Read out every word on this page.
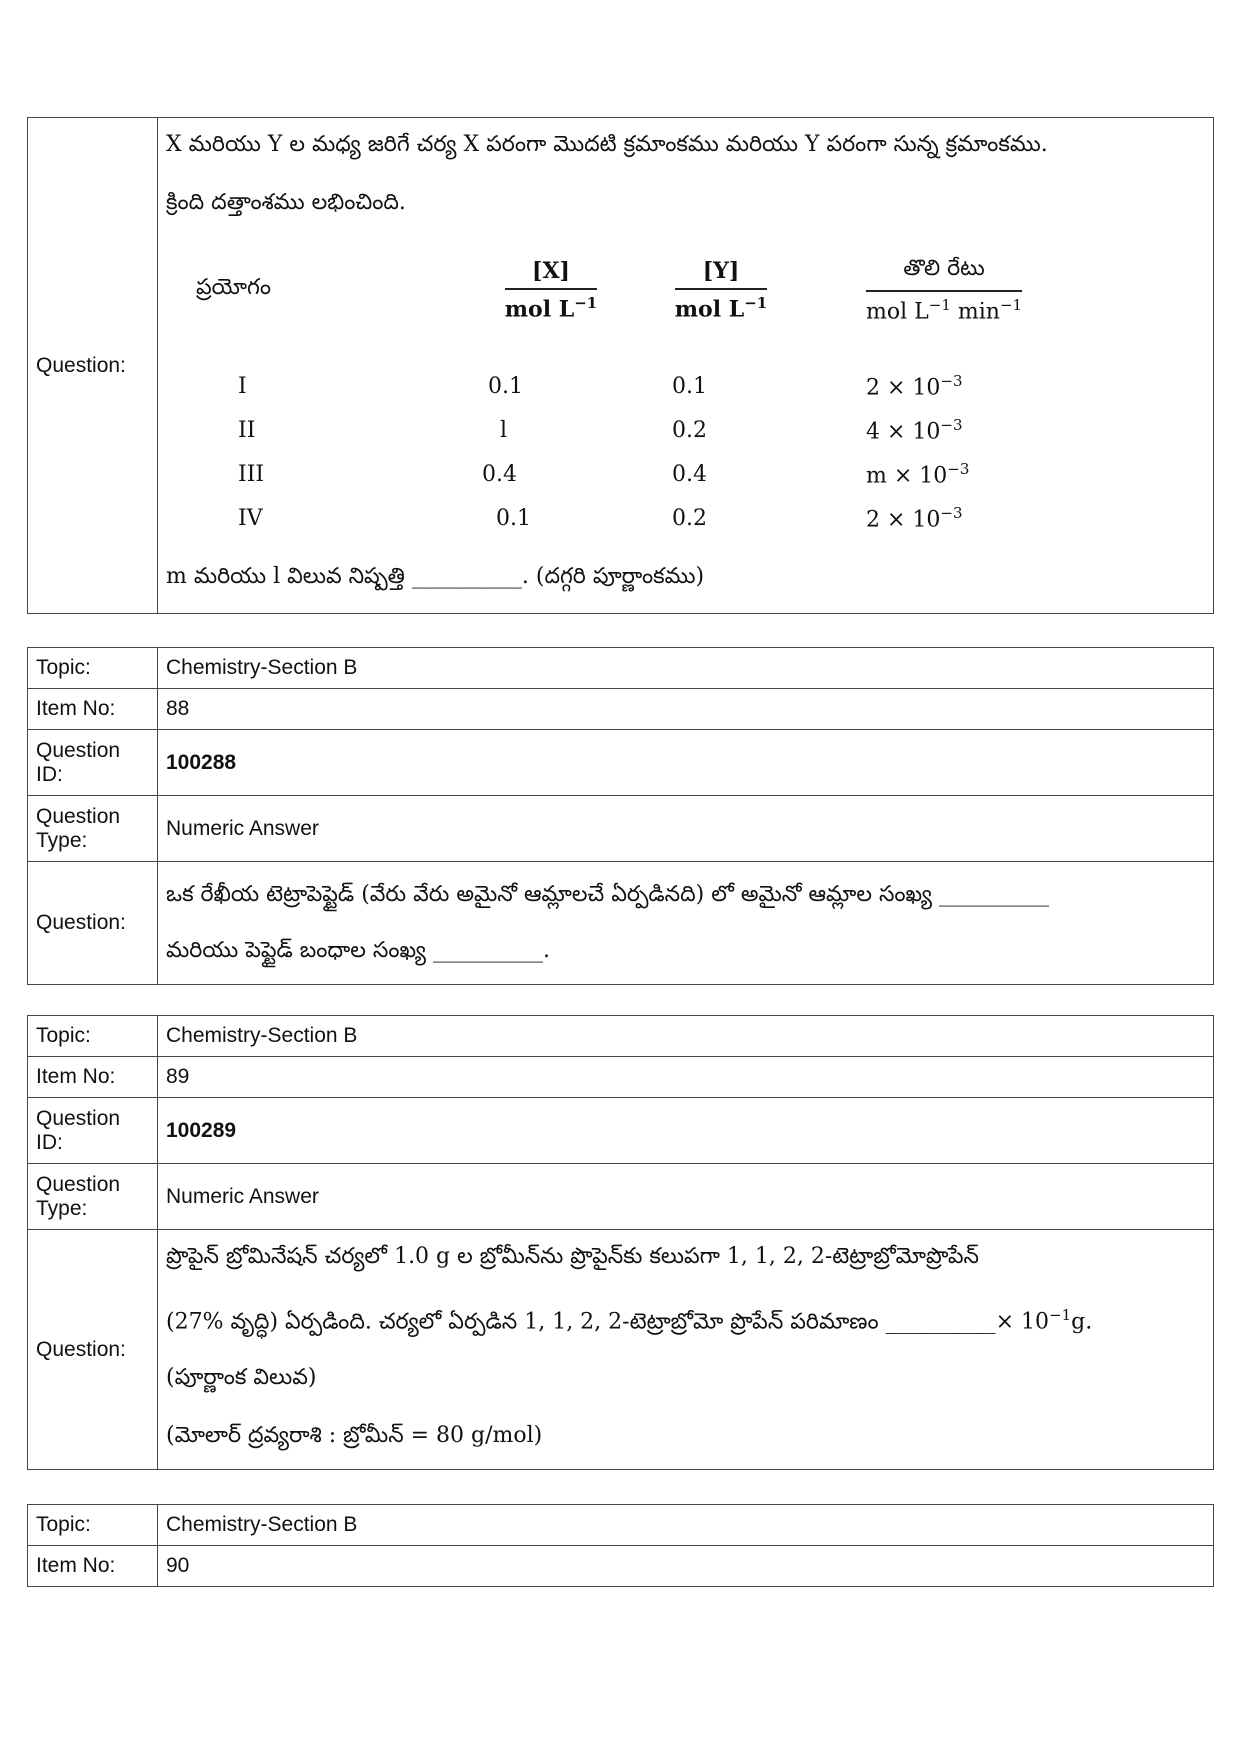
Question:	
X మరియు Y ల మధ్య జరిగే చర్య X పరంగా మొదటి క్రమాంకము మరియు Y పరంగా సున్న క్రమాంకము.
క్రింది దత్తాంశము లభించింది.
ప్రయోగం	$\frac{[X]}{mol L^{-1}}$	$\frac{[Y]}{mol L^{-1}}$	$\frac{\text{తొలి రేటు}}{mol L^{-1} \min^{-1}}$

I	0.1	0.1	$2 \times 10^{-3}$
II	l	0.2	$4 \times 10^{-3}$
III	0.4	0.4	$m \times 10^{-3}$
IV	0.1	0.2	$2 \times 10^{-3}$
m మరియు l విలువ నిష్పత్తి __________. (దగ్గరి పూర్ణాంకము)
Topic:	Chemistry-Section B
Item No:	88
Question ID:	100288
Question Type:	Numeric Answer
Question:	ఒక రేఖీయ టెట్రాపెప్టైడ్ (వేరు వేరు అమైనో ఆమ్లాలచే ఏర్పడినది) లో అమైనో ఆమ్లాల సంఖ్య __________
మరియు పెప్టైడ్ బంధాల సంఖ్య __________.
Topic:	Chemistry-Section B
Item No:	89
Question ID:	100289
Question Type:	Numeric Answer
Question:	ప్రొపైన్ బ్రోమినేషన్ చర్యలో 1.0 g ల బ్రోమీన్‌ను ప్రొపైన్‌కు కలుపగా 1, 1, 2, 2-టెట్రాబ్రోమోప్రొపేన్
(27% వృద్ధి) ఏర్పడింది. చర్యలో ఏర్పడిన 1, 1, 2, 2-టెట్రాబ్రోమో ప్రొపేన్ పరిమాణం __________× $10^{-1}g$.
(పూర్ణాంక విలువ)
(మోలార్ ద్రవ్యరాశి : బ్రోమీన్ = 80 g/mol)
Topic:	Chemistry-Section B
Item No:	90
